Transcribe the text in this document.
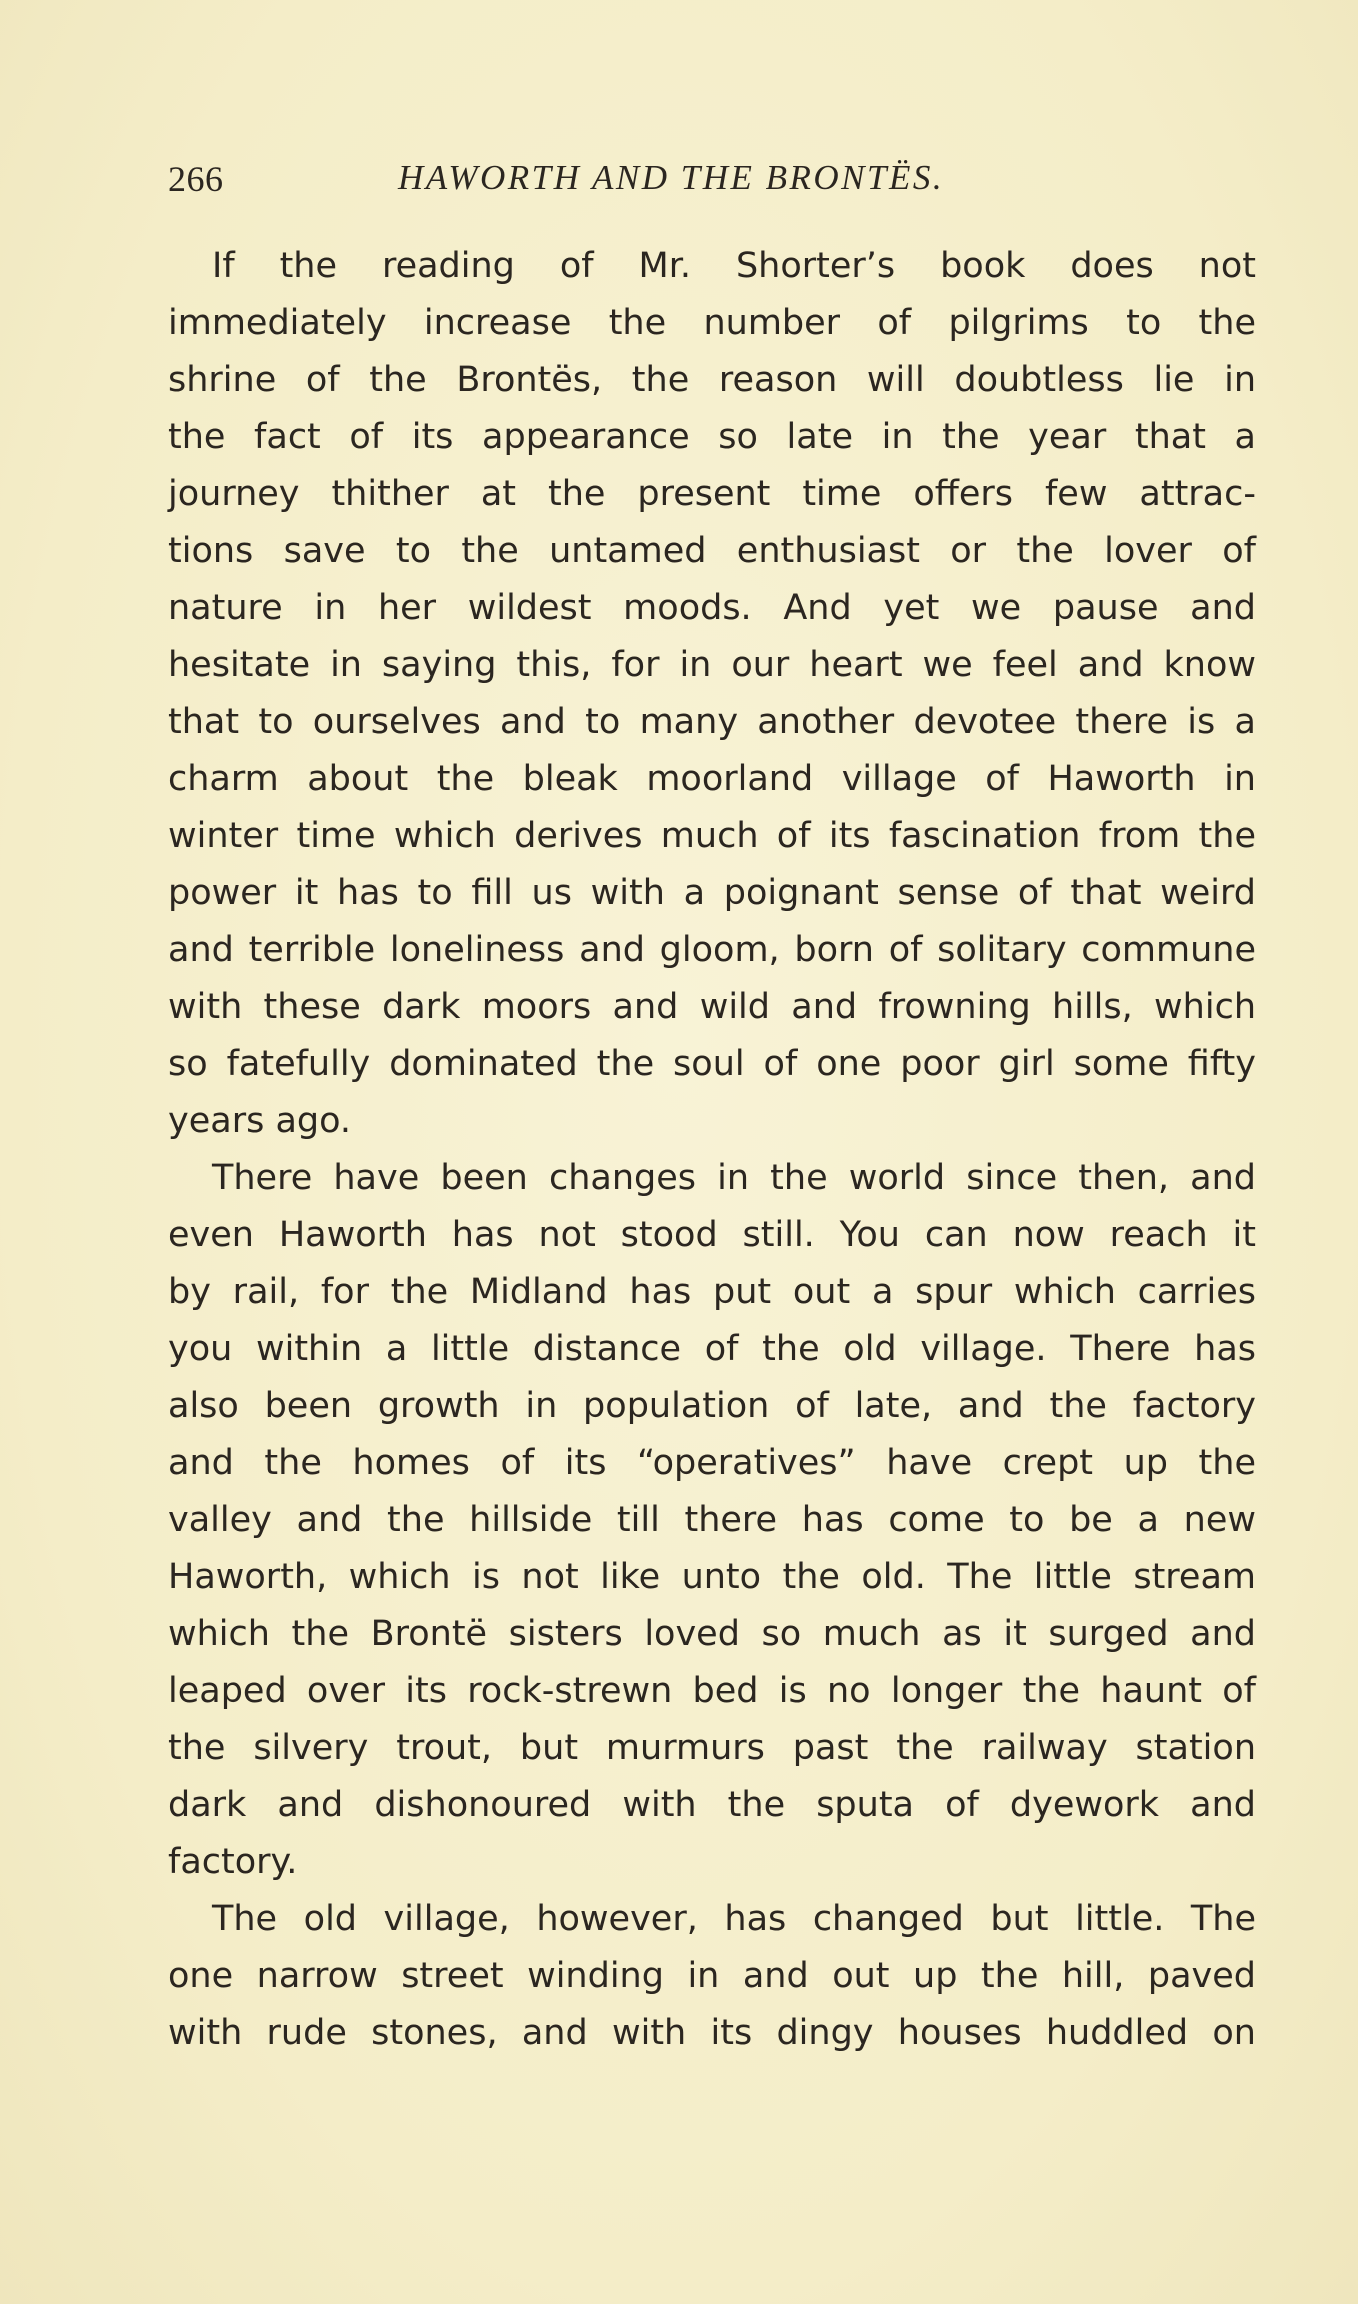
266	HAWORTH AND THE BRONTËS.
If the reading of Mr. Shorter’s book does not
immediately increase the number of pilgrims to the
shrine of the Brontës, the reason will doubtless lie in
the fact of its appearance so late in the year that a
journey thither at the present time offers few attrac-
tions save to the untamed enthusiast or the lover of
nature in her wildest moods. And yet we pause and
hesitate in saying this, for in our heart we feel and know
that to ourselves and to many another devotee there is a
charm about the bleak moorland village of Haworth in
winter time which derives much of its fascination from the
power it has to fill us with a poignant sense of that weird
and terrible loneliness and gloom, born of solitary commune
with these dark moors and wild and frowning hills, which
so fatefully dominated the soul of one poor girl some fifty
years ago.
There have been changes in the world since then, and
even Haworth has not stood still. You can now reach it
by rail, for the Midland has put out a spur which carries
you within a little distance of the old village. There has
also been growth in population of late, and the factory
and the homes of its “operatives” have crept up the
valley and the hillside till there has come to be a new
Haworth, which is not like unto the old. The little stream
which the Brontë sisters loved so much as it surged and
leaped over its rock-strewn bed is no longer the haunt of
the silvery trout, but murmurs past the railway station
dark and dishonoured with the sputa of dyework and
factory.
The old village, however, has changed but little. The
one narrow street winding in and out up the hill, paved
with rude stones, and with its dingy houses huddled on
